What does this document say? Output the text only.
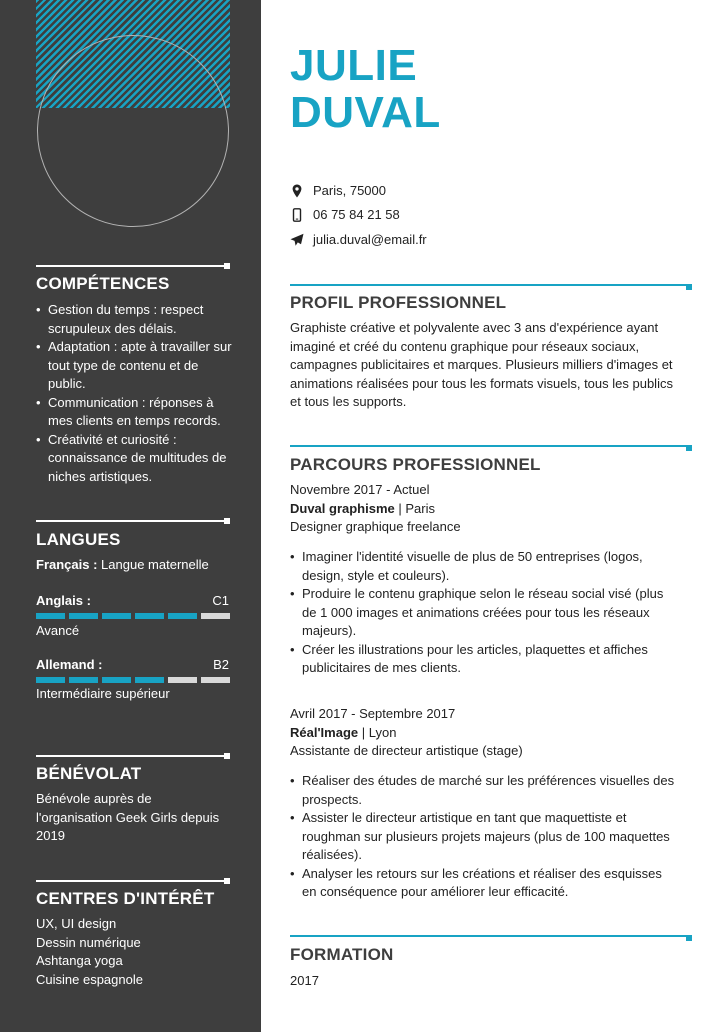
COMPÉTENCES
• Gestion du temps : respect scrupuleux des délais.
• Adaptation : apte à travailler sur tout type de contenu et de public.
• Communication : réponses à mes clients en temps records.
• Créativité et curiosité : connaissance de multitudes de niches artistiques.
LANGUES
Français : Langue maternelle
Anglais :	C1
Avancé
Allemand :	B2
Intermédiaire supérieur
BÉNÉVOLAT
Bénévole auprès de
l'organisation Geek Girls depuis
2019
CENTRES D'INTÉRÊT
UX, UI design
Dessin numérique
Ashtanga yoga
Cuisine espagnole
JULIE
DUVAL
Paris, 75000
06 75 84 21 58
julia.duval@email.fr
PROFIL PROFESSIONNEL
Graphiste créative et polyvalente avec 3 ans d'expérience ayant
imaginé et créé du contenu graphique pour réseaux sociaux,
campagnes publicitaires et marques. Plusieurs milliers d'images et
animations réalisées pour tous les formats visuels, tous les publics
et tous les supports.
PARCOURS PROFESSIONNEL
Novembre 2017 - Actuel
Duval graphisme | Paris
Designer graphique freelance
• Imaginer l'identité visuelle de plus de 50 entreprises (logos,
design, style et couleurs).
• Produire le contenu graphique selon le réseau social visé (plus
de 1 000 images et animations créées pour tous les réseaux
majeurs).
• Créer les illustrations pour les articles, plaquettes et affiches
publicitaires de mes clients.
Avril 2017 - Septembre 2017
Réal'Image | Lyon
Assistante de directeur artistique (stage)
• Réaliser des études de marché sur les préférences visuelles des
prospects.
• Assister le directeur artistique en tant que maquettiste et
roughman sur plusieurs projets majeurs (plus de 100 maquettes
réalisées).
• Analyser les retours sur les créations et réaliser des esquisses
en conséquence pour améliorer leur efficacité.
FORMATION
2017
